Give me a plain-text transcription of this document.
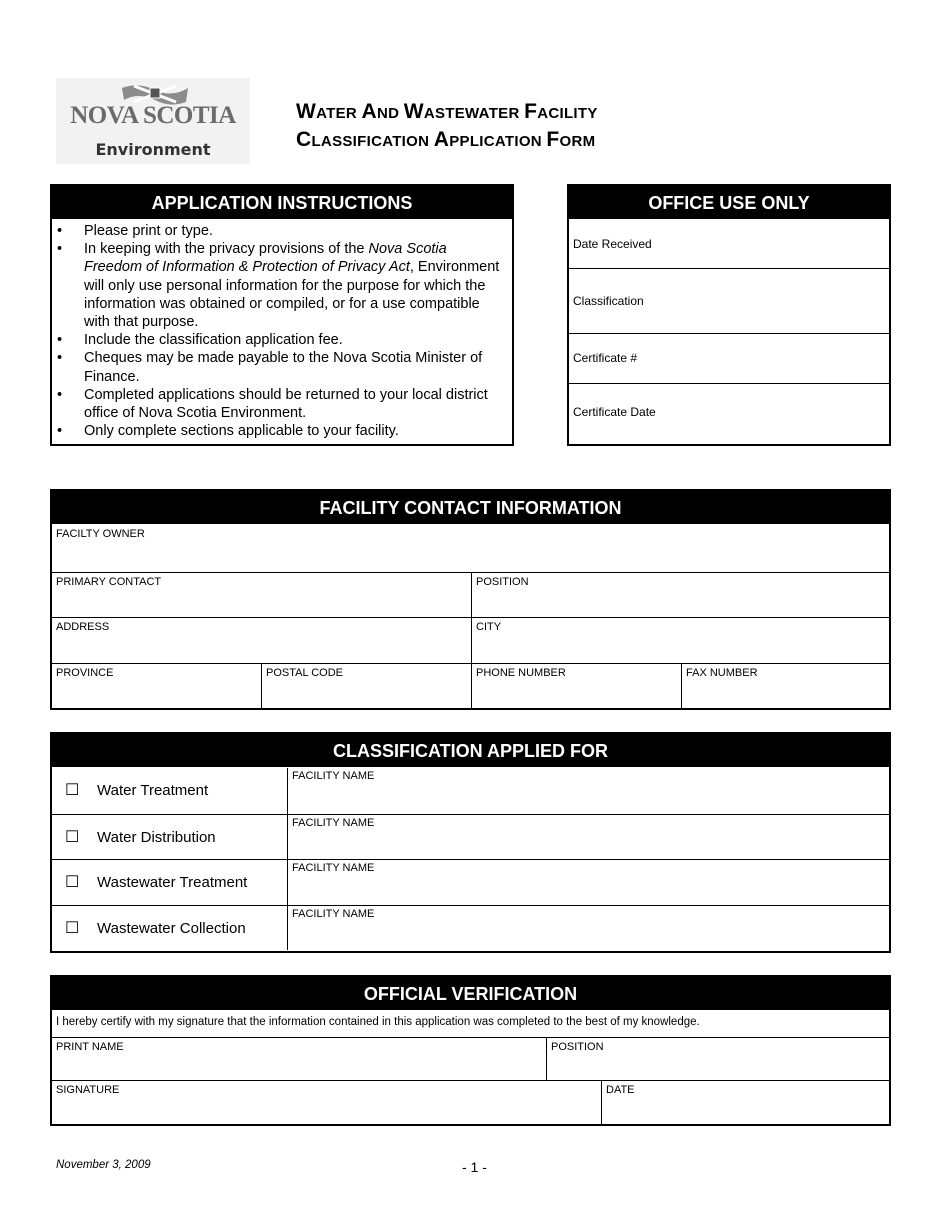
NOVA SCOTIA
Environment
WATER AND WASTEWATER FACILITY
CLASSIFICATION APPLICATION FORM
APPLICATION INSTRUCTIONS
• Please print or type.
• In keeping with the privacy provisions of the Nova Scotia Freedom of Information & Protection of Privacy Act, Environment will only use personal information for the purpose for which the information was obtained or compiled, or for a use compatible with that purpose.
• Include the classification application fee.
• Cheques may be made payable to the Nova Scotia Minister of Finance.
• Completed applications should be returned to your local district office of Nova Scotia Environment.
• Only complete sections applicable to your facility.
OFFICE USE ONLY
Date Received
Classification
Certificate #
Certificate Date
FACILITY CONTACT INFORMATION
FACILTY OWNER
PRIMARY CONTACT	POSITION
ADDRESS	CITY
PROVINCE	POSTAL CODE	PHONE NUMBER	FAX NUMBER
CLASSIFICATION APPLIED FOR
☐ Water Treatment
FACILITY NAME
☐ Water Distribution
FACILITY NAME
☐ Wastewater Treatment
FACILITY NAME
☐ Wastewater Collection
FACILITY NAME
OFFICIAL VERIFICATION
I hereby certify with my signature that the information contained in this application was completed to the best of my knowledge.
PRINT NAME	POSITION
SIGNATURE	DATE
November 3, 2009	- 1 -
